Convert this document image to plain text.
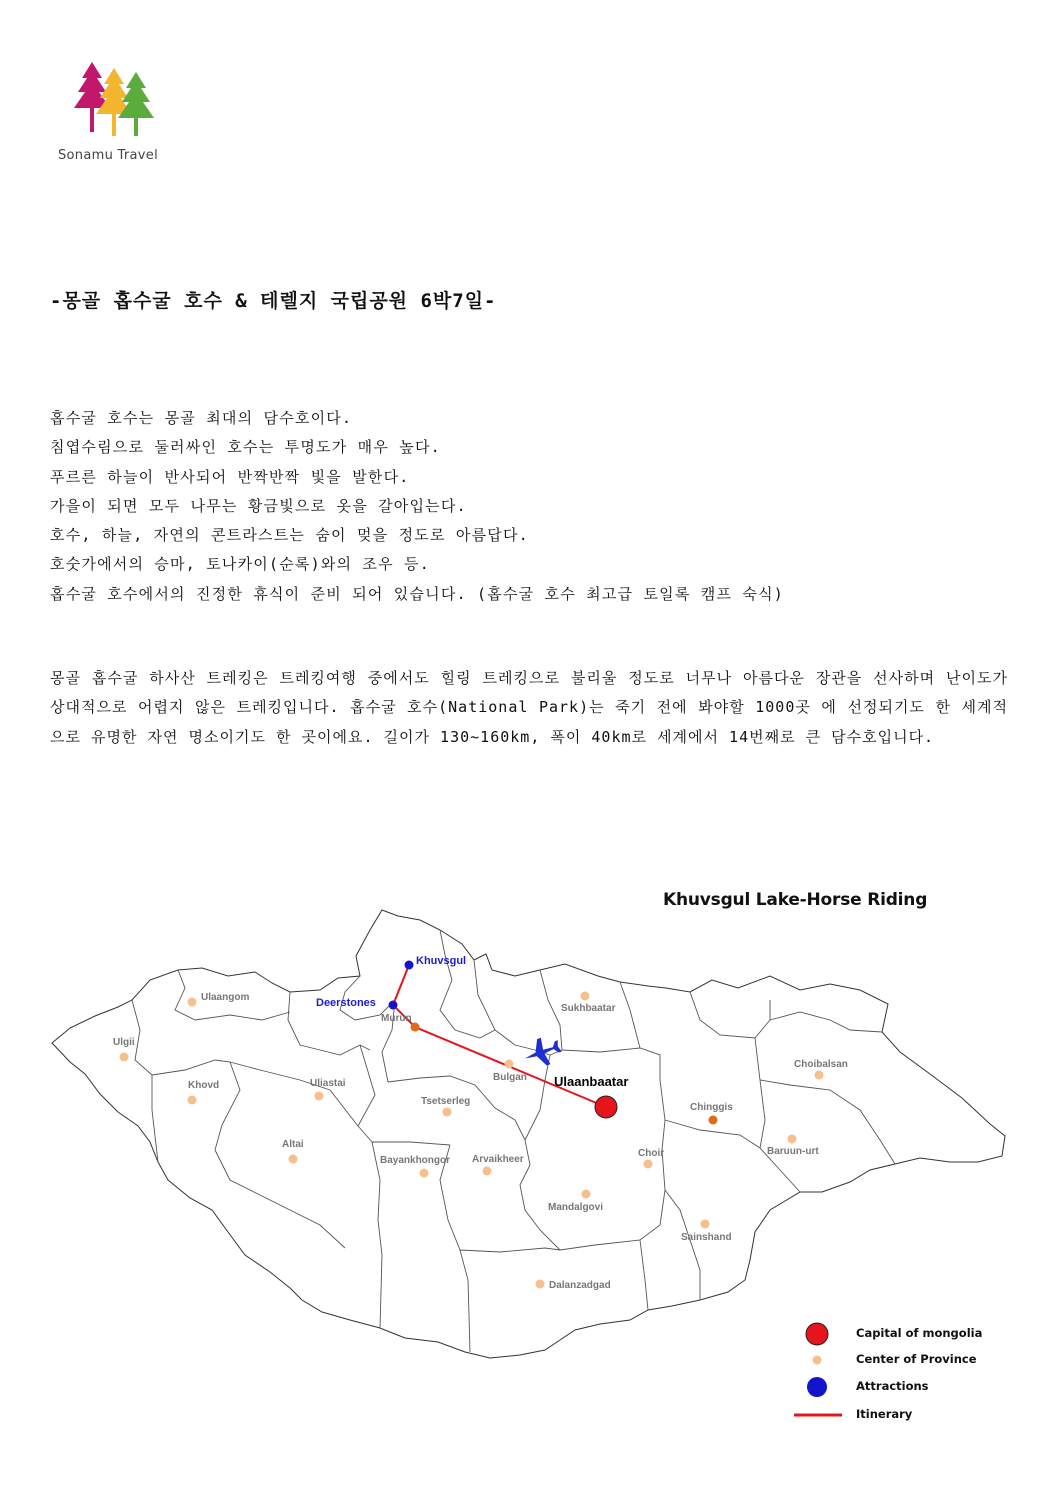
Sonamu Travel
-몽골 홉수굴 호수 & 테렐지 국립공원 6박7일-
홉수굴 호수는 몽골 최대의 담수호이다.
침엽수림으로 둘러싸인 호수는 투명도가 매우 높다.
푸르른 하늘이 반사되어 반짝반짝 빛을 발한다.
가을이 되면 모두 나무는 황금빛으로 옷을 갈아입는다.
호수, 하늘, 자연의 콘트라스트는 숨이 멎을 정도로 아름답다.
호숫가에서의 승마, 토나카이(순록)와의 조우 등.
홉수굴 호수에서의 진정한 휴식이 준비 되어 있습니다. (홉수굴 호수 최고급 토일록 캠프 숙식)

몽골 홉수굴 하사산 트레킹은 트레킹여행 중에서도 힐링 트레킹으로 불리울 정도로 너무나 아름다운 장관을 선사하며 난이도가 상대적으로 어렵지 않은 트레킹입니다. 홉수굴 호수(National Park)는 죽기 전에 봐야할 1000곳 에 선정되기도 한 세계적으로 유명한 자연 명소이기도 한 곳이에요. 길이가 130~160km, 폭이 40km로 세계에서 14번째로 큰 담수호입니다.

Khuvsgul Lake-Horse Riding
Ulaangom
Sukhbaatar
Ulgii
Murun
Choibalsan
Khovd	Uliastai
Bulgan
Tsetserleg
Chinggis
Altai
Bayankhongor Arvaikheer
Choir	Baruun-urt
Mandalgovi
Sainshand
Dalanzadgad
Khuvsgul
Deerstones
Ulaanbaatar
Capital of mongolia
Center of Province
Attractions
Itinerary
